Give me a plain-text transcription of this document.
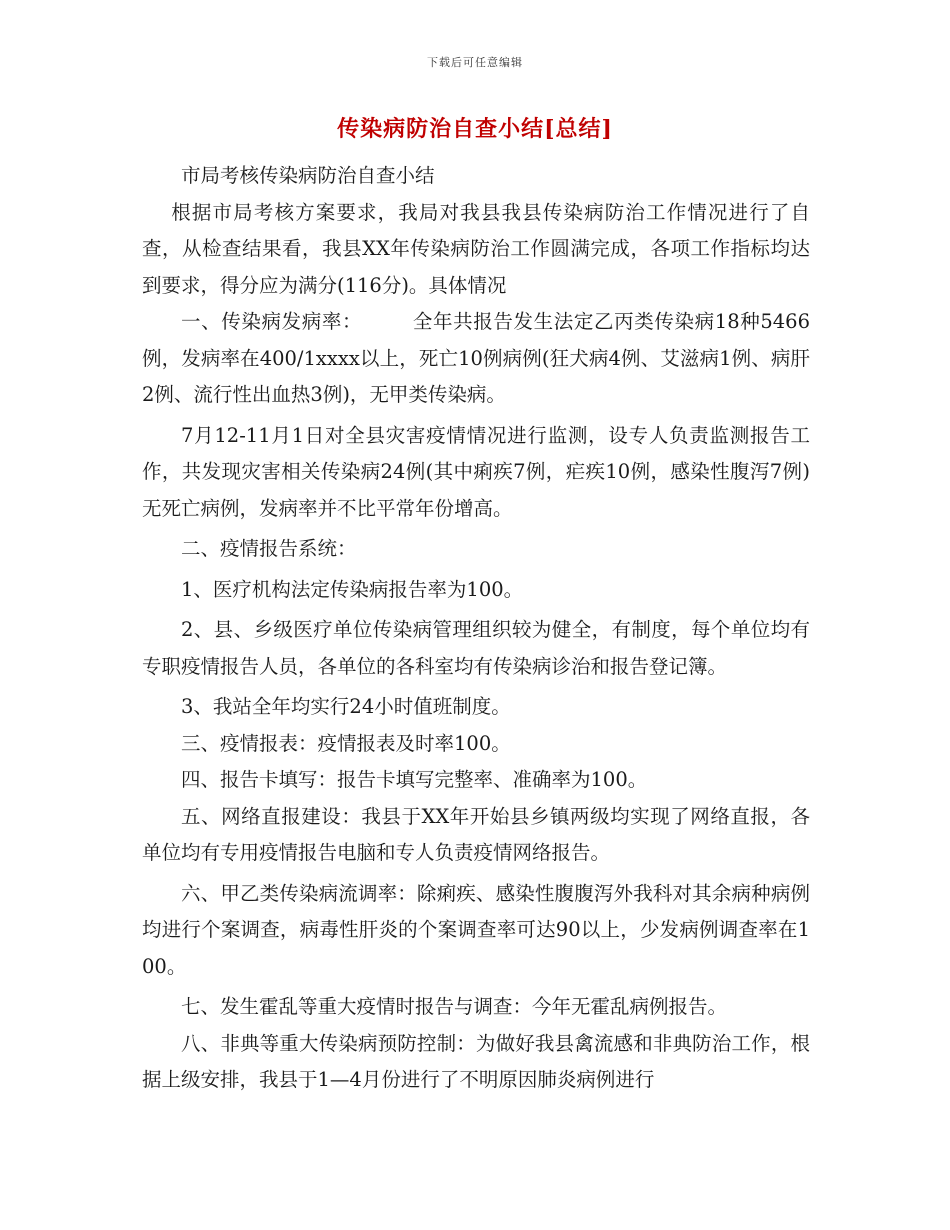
下载后可任意编辑
传染病防治自查小结[总结]

市局考核传染病防治自查小结

根据市局考核方案要求，我局对我县我县传染病防治工作情况进行了自查，从检查结果看，我县XX年传染病防治工作圆满完成，各项工作指标均达到要求，得分应为满分(116分)。具体情况

一、传染病发病率：　　　全年共报告发生法定乙丙类传染病18种5466例，发病率在400/1xxxx以上，死亡10例病例(狂犬病4例、艾滋病1例、病肝2例、流行性出血热3例)，无甲类传染病。

7月12-11月1日对全县灾害疫情情况进行监测，设专人负责监测报告工作，共发现灾害相关传染病24例(其中痢疾7例，疟疾10例，感染性腹泻7例)无死亡病例，发病率并不比平常年份增高。

二、疫情报告系统：

1、医疗机构法定传染病报告率为100。

2、县、乡级医疗单位传染病管理组织较为健全，有制度，每个单位均有专职疫情报告人员，各单位的各科室均有传染病诊治和报告登记簿。

3、我站全年均实行24小时值班制度。

三、疫情报表：疫情报表及时率100。

四、报告卡填写：报告卡填写完整率、准确率为100。

五、网络直报建设：我县于XX年开始县乡镇两级均实现了网络直报，各单位均有专用疫情报告电脑和专人负责疫情网络报告。

六、甲乙类传染病流调率：除痢疾、感染性腹腹泻外我科对其余病种病例均进行个案调查，病毒性肝炎的个案调查率可达90以上，少发病例调查率在100。

七、发生霍乱等重大疫情时报告与调查：今年无霍乱病例报告。

八、非典等重大传染病预防控制：为做好我县禽流感和非典防治工作，根据上级安排，我县于1—4月份进行了不明原因肺炎病例进行
